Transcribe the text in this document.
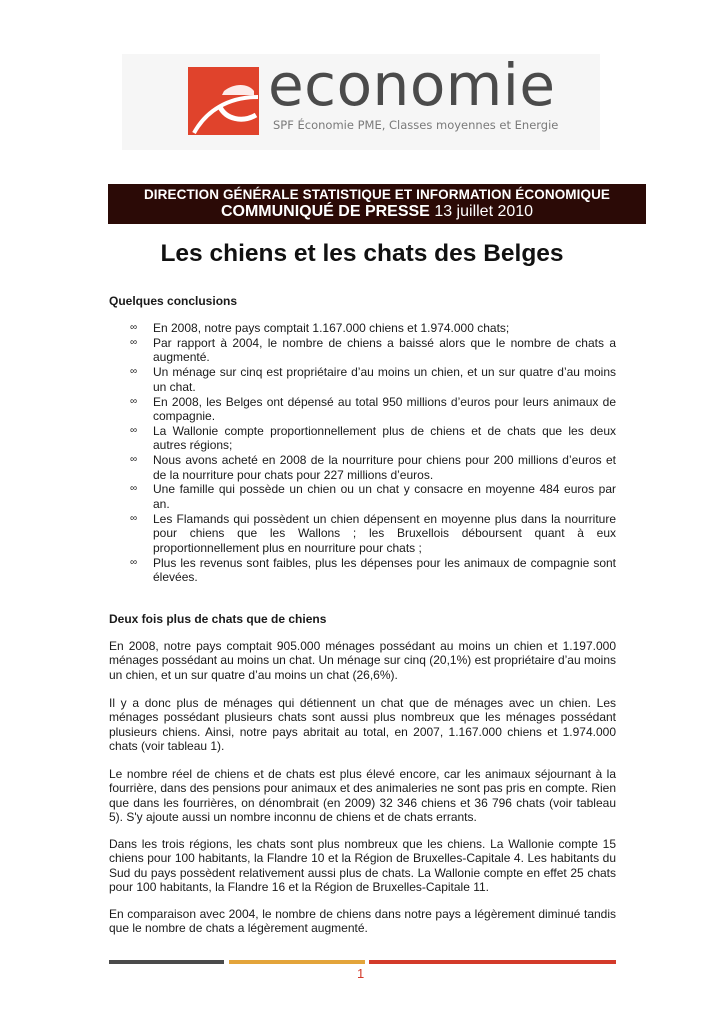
economie
SPF Économie PME, Classes moyennes et Energie
DIRECTION GÉNÉRALE STATISTIQUE ET INFORMATION ÉCONOMIQUE
COMMUNIQUÉ DE PRESSE 13 juillet 2010
Les chiens et les chats des Belges
Quelques conclusions
∞ En 2008, notre pays comptait 1.167.000 chiens et 1.974.000 chats;
∞ Par rapport à 2004, le nombre de chiens a baissé alors que le nombre de chats a augmenté.
∞ Un ménage sur cinq est propriétaire d’au moins un chien, et un sur quatre d’au moins un chat.
∞ En 2008, les Belges ont dépensé au total 950 millions d’euros pour leurs animaux de compagnie.
∞ La Wallonie compte proportionnellement plus de chiens et de chats que les deux autres régions;
∞ Nous avons acheté en 2008 de la nourriture pour chiens pour 200 millions d’euros et de la nourriture pour chats pour 227 millions d’euros.
∞ Une famille qui possède un chien ou un chat y consacre en moyenne 484 euros par an.
∞ Les Flamands qui possèdent un chien dépensent en moyenne plus dans la nourriture pour chiens que les Wallons ; les Bruxellois déboursent quant à eux proportionnellement plus en nourriture pour chats ;
∞ Plus les revenus sont faibles, plus les dépenses pour les animaux de compagnie sont élevées.
Deux fois plus de chats que de chiens

En 2008, notre pays comptait 905.000 ménages possédant au moins un chien et 1.197.000 ménages possédant au moins un chat. Un ménage sur cinq (20,1%) est propriétaire d’au moins un chien, et un sur quatre d’au moins un chat (26,6%).

Il y a donc plus de ménages qui détiennent un chat que de ménages avec un chien. Les ménages possédant plusieurs chats sont aussi plus nombreux que les ménages possédant plusieurs chiens. Ainsi, notre pays abritait au total, en 2007, 1.167.000 chiens et 1.974.000 chats (voir tableau 1).

Le nombre réel de chiens et de chats est plus élevé encore, car les animaux séjournant à la fourrière, dans des pensions pour animaux et des animaleries ne sont pas pris en compte. Rien que dans les fourrières, on dénombrait (en 2009) 32 346 chiens et 36 796 chats (voir tableau 5). S'y ajoute aussi un nombre inconnu de chiens et de chats errants.

Dans les trois régions, les chats sont plus nombreux que les chiens. La Wallonie compte 15 chiens pour 100 habitants, la Flandre 10 et la Région de Bruxelles-Capitale 4. Les habitants du Sud du pays possèdent relativement aussi plus de chats. La Wallonie compte en effet 25 chats pour 100 habitants, la Flandre 16 et la Région de Bruxelles-Capitale 11.

En comparaison avec 2004, le nombre de chiens dans notre pays a légèrement diminué tandis que le nombre de chats a légèrement augmenté.

1
